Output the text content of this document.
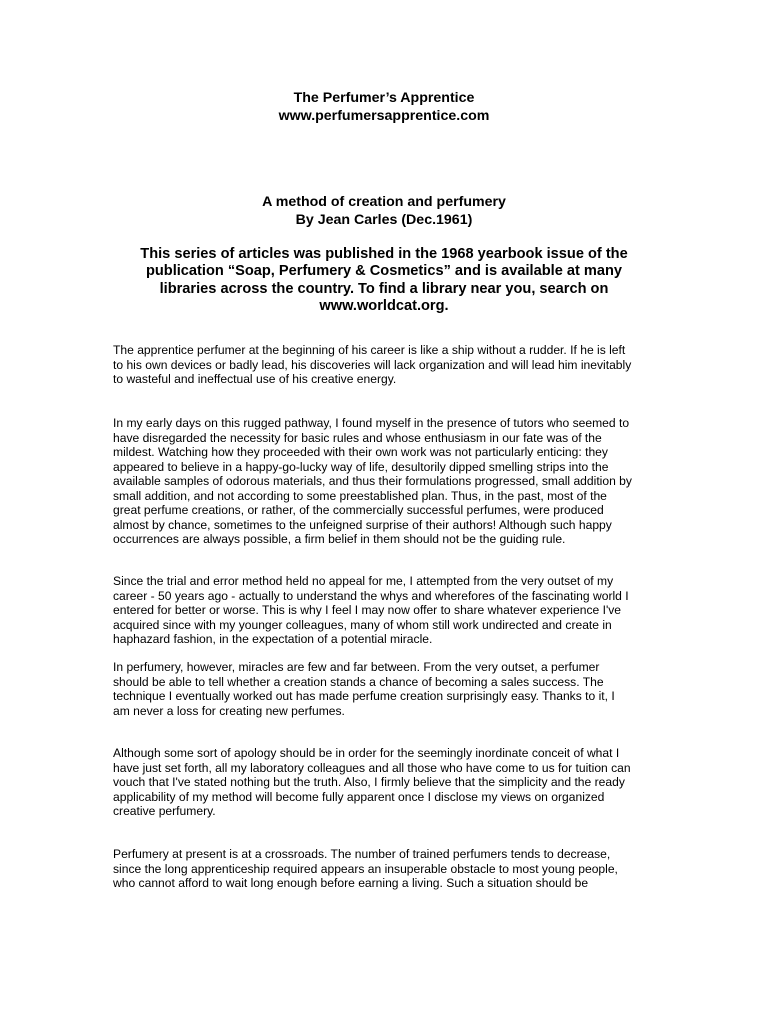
The Perfumer’s Apprentice
www.perfumersapprentice.com
A method of creation and perfumery
By Jean Carles (Dec.1961)
This series of articles was published in the 1968 yearbook issue of the
publication “Soap, Perfumery & Cosmetics” and is available at many
libraries across the country. To find a library near you, search on
www.worldcat.org.

The apprentice perfumer at the beginning of his career is like a ship without a rudder. If he is left
to his own devices or badly lead, his discoveries will lack organization and will lead him inevitably
to wasteful and ineffectual use of his creative energy.

In my early days on this rugged pathway, I found myself in the presence of tutors who seemed to
have disregarded the necessity for basic rules and whose enthusiasm in our fate was of the
mildest. Watching how they proceeded with their own work was not particularly enticing: they
appeared to believe in a happy-go-lucky way of life, desultorily dipped smelling strips into the
available samples of odorous materials, and thus their formulations progressed, small addition by
small addition, and not according to some preestablished plan. Thus, in the past, most of the
great perfume creations, or rather, of the commercially successful perfumes, were produced
almost by chance, sometimes to the unfeigned surprise of their authors! Although such happy
occurrences are always possible, a firm belief in them should not be the guiding rule.

Since the trial and error method held no appeal for me, I attempted from the very outset of my
career - 50 years ago - actually to understand the whys and wherefores of the fascinating world I
entered for better or worse. This is why I feel I may now offer to share whatever experience I've
acquired since with my younger colleagues, many of whom still work undirected and create in
haphazard fashion, in the expectation of a potential miracle.

In perfumery, however, miracles are few and far between. From the very outset, a perfumer
should be able to tell whether a creation stands a chance of becoming a sales success. The
technique I eventually worked out has made perfume creation surprisingly easy. Thanks to it, I
am never a loss for creating new perfumes.

Although some sort of apology should be in order for the seemingly inordinate conceit of what I
have just set forth, all my laboratory colleagues and all those who have come to us for tuition can
vouch that I've stated nothing but the truth. Also, I firmly believe that the simplicity and the ready
applicability of my method will become fully apparent once I disclose my views on organized
creative perfumery.

Perfumery at present is at a crossroads. The number of trained perfumers tends to decrease,
since the long apprenticeship required appears an insuperable obstacle to most young people,
who cannot afford to wait long enough before earning a living. Such a situation should be
